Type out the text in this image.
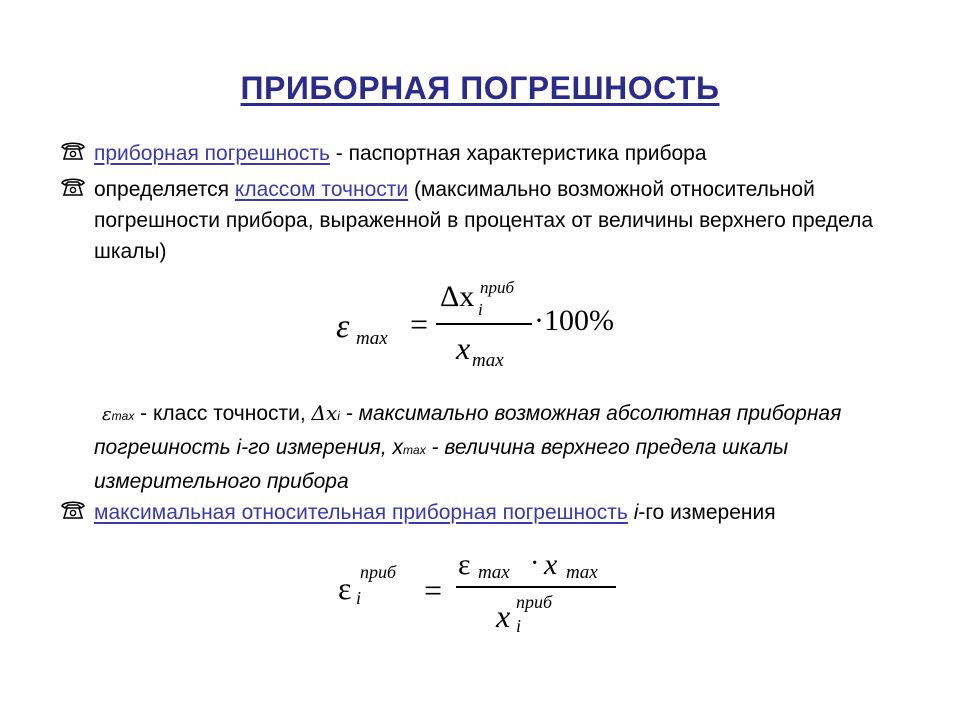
ПРИБОРНАЯ ПОГРЕШНОСТЬ
приборная погрешность - паспортная характеристика прибора
определяется классом точности (максимально возможной относительной погрешности прибора, выраженной в процентах от величины верхнего предела шкалы)
ε max =
Δx приб
i
x max
·100%
εmax - класс точности, Δxi - максимально возможная абсолютная приборная погрешность i-го измерения, xmax - величина верхнего предела шкалы измерительного прибора
максимальная относительная приборная погрешность i-го измерения
ε приб
i =
ε max · x max
x приб
i
